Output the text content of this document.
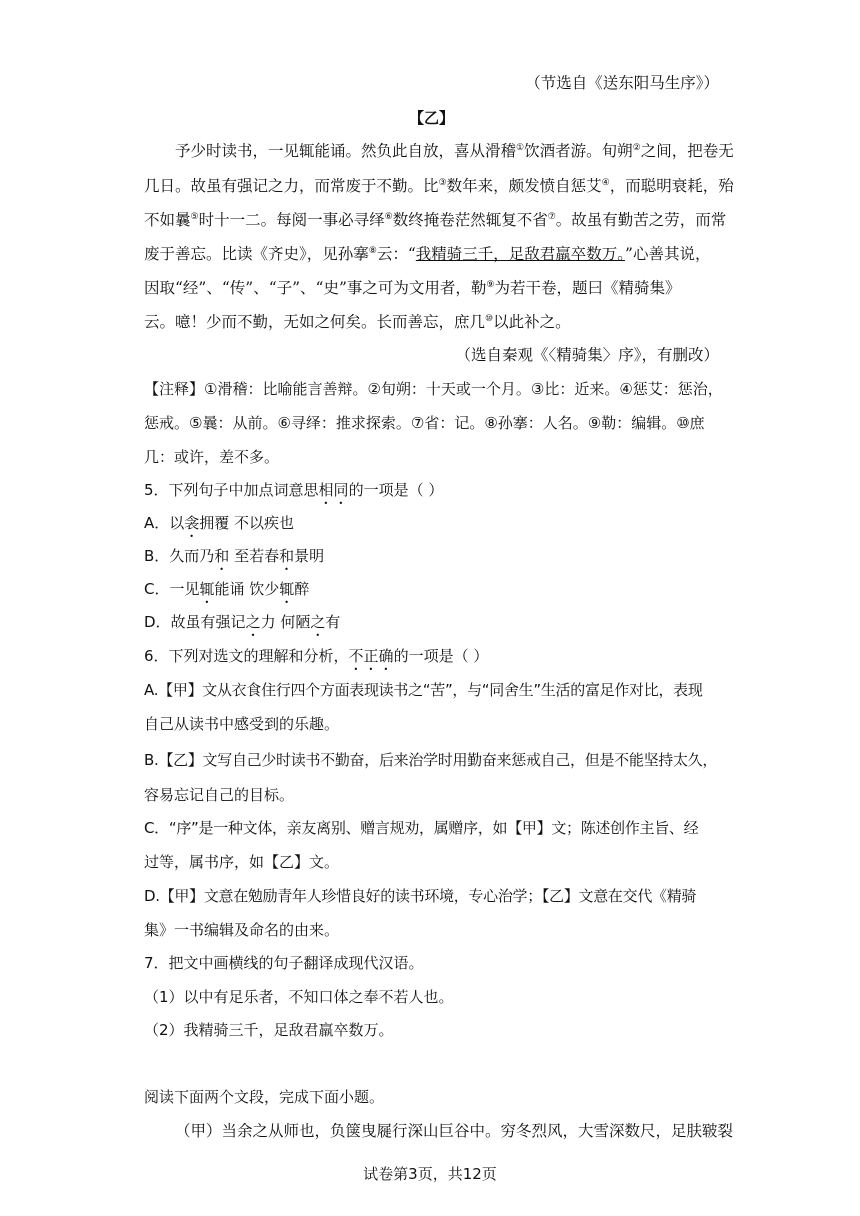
（节选自《送东阳马生序》）
【乙】
予少时读书，一见辄能诵。然负此自放，喜从滑稽①饮酒者游。旬朔②之间，把卷无
几日。故虽有强记之力，而常废于不勤。比③数年来，颇发愤自惩艾④，而聪明衰耗，殆
不如曩⑤时十一二。每阅一事必寻绎⑥数终掩卷茫然辄复不省⑦。故虽有勤苦之劳，而常
废于善忘。比读《齐史》，见孙搴⑧云：“我精骑三千，足敌君羸卒数万。”心善其说，
因取“经”、“传”、“子”、“史”事之可为文用者，勒⑨为若干卷，题曰《精骑集》
云。噫！少而不勤，无如之何矣。长而善忘，庶几⑩以此补之。
（选自秦观《〈精骑集〉序》，有删改）
【注释】①滑稽：比喻能言善辩。②旬朔：十天或一个月。③比：近来。④惩艾：惩治，
惩戒。⑤曩：从前。⑥寻绎：推求探索。⑦省：记。⑧孙搴：人名。⑨勒：编辑。⑩庶
几：或许，差不多。
5．下列句子中加点词意思相同的一项是（ ）
A．以衾拥覆 不以疾也
B．久而乃和 至若春和景明
C．一见辄能诵 饮少辄醉
D．故虽有强记之力 何陋之有
6．下列对选文的理解和分析，不正确的一项是（ ）
A.【甲】文从衣食住行四个方面表现读书之“苦”，与“同舍生”生活的富足作对比，表现
自己从读书中感受到的乐趣。
B.【乙】文写自己少时读书不勤奋，后来治学时用勤奋来惩戒自己，但是不能坚持太久，
容易忘记自己的目标。
C．“序”是一种文体，亲友离别、赠言规劝，属赠序，如【甲】文；陈述创作主旨、经
过等，属书序，如【乙】文。
D.【甲】文意在勉励青年人珍惜良好的读书环境，专心治学；【乙】文意在交代《精骑
集》一书编辑及命名的由来。
7．把文中画横线的句子翻译成现代汉语。
（1）以中有足乐者，不知口体之奉不若人也。
（2）我精骑三千，足敌君羸卒数万。
阅读下面两个文段，完成下面小题。
（甲）当余之从师也，负箧曳屣行深山巨谷中。穷冬烈风，大雪深数尺，足肤皲裂
试卷第3页，共12页
